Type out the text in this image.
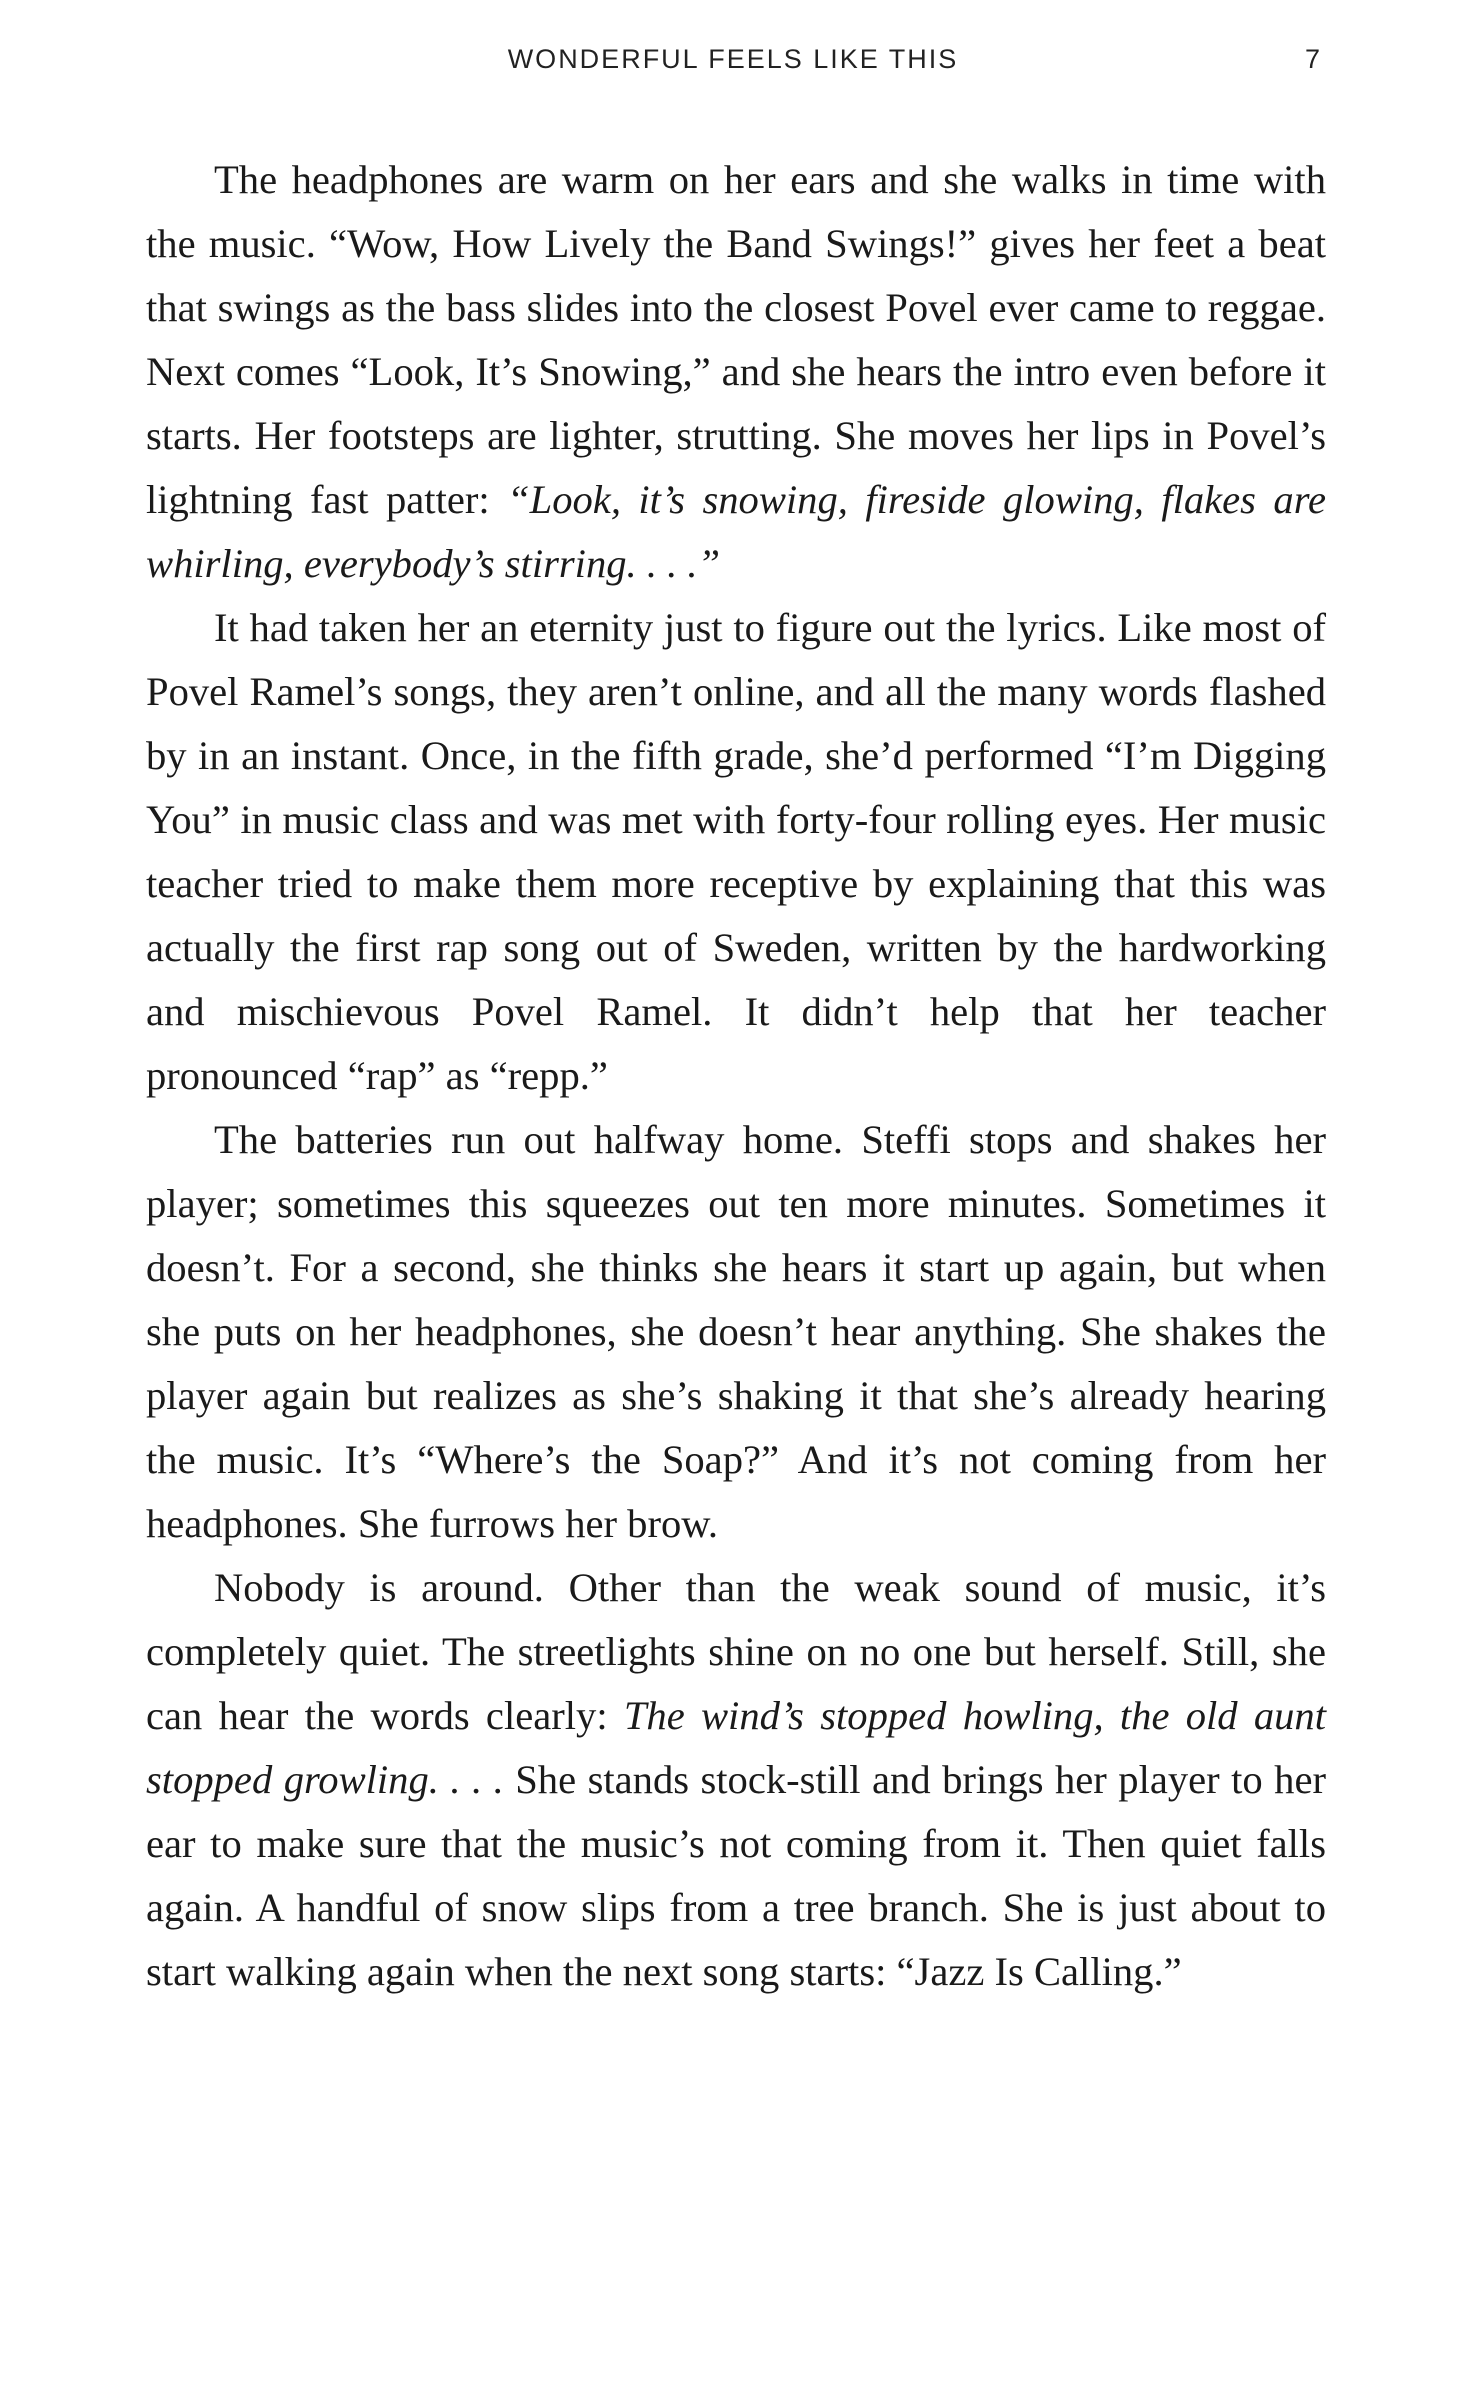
WONDERFUL FEELS LIKE THIS	7

The headphones are warm on her ears and she walks in time with the music. “Wow, How Lively the Band Swings!” gives her feet a beat that swings as the bass slides into the closest Povel ever came to reggae. Next comes “Look, It’s Snowing,” and she hears the intro even before it starts. Her footsteps are lighter, strutting. She moves her lips in Povel’s lightning fast patter: “Look, it’s snowing, fireside glowing, flakes are whirling, everybody’s stirring. . . .”

It had taken her an eternity just to figure out the lyrics. Like most of Povel Ramel’s songs, they aren’t online, and all the many words flashed by in an instant. Once, in the fifth grade, she’d performed “I’m Digging You” in music class and was met with forty-four rolling eyes. Her music teacher tried to make them more receptive by explaining that this was actually the first rap song out of Sweden, written by the hardworking and mischievous Povel Ramel. It didn’t help that her teacher pronounced “rap” as “repp.”

The batteries run out halfway home. Steffi stops and shakes her player; sometimes this squeezes out ten more minutes. Sometimes it doesn’t. For a second, she thinks she hears it start up again, but when she puts on her headphones, she doesn’t hear anything. She shakes the player again but realizes as she’s shaking it that she’s already hearing the music. It’s “Where’s the Soap?” And it’s not coming from her headphones. She furrows her brow.

Nobody is around. Other than the weak sound of music, it’s completely quiet. The streetlights shine on no one but herself. Still, she can hear the words clearly: The wind’s stopped howling, the old aunt stopped growling. . . . She stands stock-still and brings her player to her ear to make sure that the music’s not coming from it. Then quiet falls again. A handful of snow slips from a tree branch. She is just about to start walking again when the next song starts: “Jazz Is Calling.”
